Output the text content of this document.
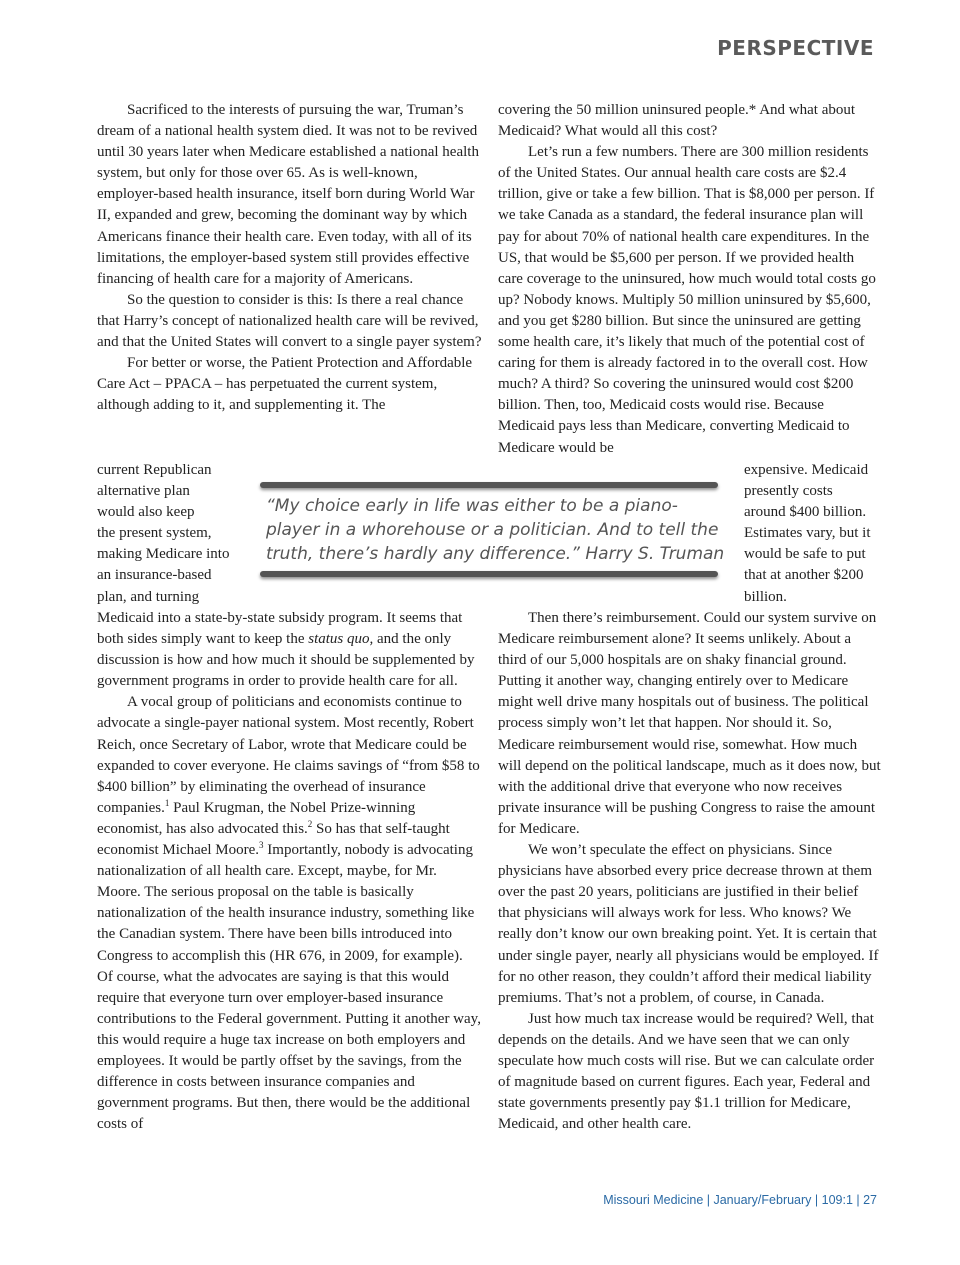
PERSPECTIVE

Sacrificed to the interests of pursuing the war, Truman’s dream of a national health system died. It was not to be revived until 30 years later when Medicare established a national health system, but only for those over 65. As is well-known, employer-based health insurance, itself born during World War II, expanded and grew, becoming the dominant way by which Americans finance their health care. Even today, with all of its limitations, the employer-based system still provides effective financing of health care for a majority of Americans.

So the question to consider is this: Is there a real chance that Harry’s concept of nationalized health care will be revived, and that the United States will convert to a single payer system?

For better or worse, the Patient Protection and Affordable Care Act – PPACA – has perpetuated the current system, although adding to it, and supplementing it. The

current Republican
alternative plan
would also keep
the present system,
making Medicare into
an insurance-based
plan, and turning

covering the 50 million uninsured people.* And what about Medicaid? What would all this cost?

Let’s run a few numbers. There are 300 million residents of the United States. Our annual health care costs are $2.4 trillion, give or take a few billion. That is $8,000 per person. If we take Canada as a standard, the federal insurance plan will pay for about 70% of national health care expenditures. In the US, that would be $5,600 per person. If we provided health care coverage to the uninsured, how much would total costs go up? Nobody knows. Multiply 50 million uninsured by $5,600, and you get $280 billion. But since the uninsured are getting some health care, it’s likely that much of the potential cost of caring for them is already factored in to the overall cost. How much? A third? So covering the uninsured would cost $200 billion. Then, too, Medicaid costs would rise. Because Medicaid pays less than Medicare, converting Medicaid to Medicare would be

expensive. Medicaid
presently costs
around $400 billion.
Estimates vary, but it
would be safe to put
that at another $200
billion.
“My choice early in life was either to be a piano-player in a whorehouse or a politician. And to tell the truth, there’s hardly any difference.” Harry S. Truman

Medicaid into a state-by-state subsidy program. It seems that both sides simply want to keep the status quo, and the only discussion is how and how much it should be supplemented by government programs in order to provide health care for all.

A vocal group of politicians and economists continue to advocate a single-payer national system. Most recently, Robert Reich, once Secretary of Labor, wrote that Medicare could be expanded to cover everyone. He claims savings of “from $58 to $400 billion” by eliminating the overhead of insurance companies.$^1$ Paul Krugman, the Nobel Prize-winning economist, has also advocated this.$^2$ So has that self-taught economist Michael Moore.$^3$ Importantly, nobody is advocating nationalization of all health care. Except, maybe, for Mr. Moore. The serious proposal on the table is basically nationalization of the health insurance industry, something like the Canadian system. There have been bills introduced into Congress to accomplish this (HR 676, in 2009, for example). Of course, what the advocates are saying is that this would require that everyone turn over employer-based insurance contributions to the Federal government. Putting it another way, this would require a huge tax increase on both employers and employees. It would be partly offset by the savings, from the difference in costs between insurance companies and government programs. But then, there would be the additional costs of

Then there’s reimbursement. Could our system survive on Medicare reimbursement alone? It seems unlikely. About a third of our 5,000 hospitals are on shaky financial ground. Putting it another way, changing entirely over to Medicare might well drive many hospitals out of business. The political process simply won’t let that happen. Nor should it. So, Medicare reimbursement would rise, somewhat. How much will depend on the political landscape, much as it does now, but with the additional drive that everyone who now receives private insurance will be pushing Congress to raise the amount for Medicare.

We won’t speculate the effect on physicians. Since physicians have absorbed every price decrease thrown at them over the past 20 years, politicians are justified in their belief that physicians will always work for less. Who knows? We really don’t know our own breaking point. Yet. It is certain that under single payer, nearly all physicians would be employed. If for no other reason, they couldn’t afford their medical liability premiums. That’s not a problem, of course, in Canada.

Just how much tax increase would be required? Well, that depends on the details. And we have seen that we can only speculate how much costs will rise. But we can calculate order of magnitude based on current figures. Each year, Federal and state governments presently pay $1.1 trillion for Medicare, Medicaid, and other health care.

Missouri Medicine | January/February | 109:1 | 27
